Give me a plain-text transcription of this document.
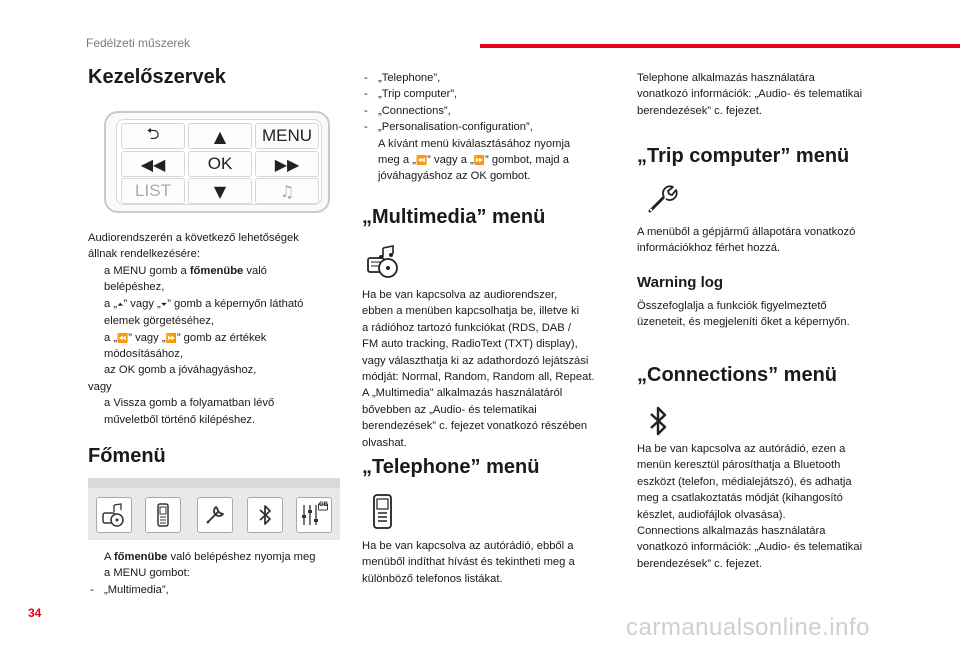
Fedélzeti műszerek
Kezelőszervek
⮌	▲ MENU
◀◀ OK	▶▶
LIST	▼	♫
Audiorendszerén a következő lehetőségek
állnak rendelkezésére:
a MENU gomb a főmenübe való
belépéshez,
a „⏶” vagy „⏷” gomb a képernyőn látható
elemek görgetéséhez,
a „⏪” vagy „⏩” gomb az értékek
módosításához,
az OK gomb a jóváhagyáshoz,
vagy
a Vissza gomb a folyamatban lévő
műveletből történő kilépéshez.
Főmenü
GB
A főmenübe való belépéshez nyomja meg
a MENU gombot:
- „Multimedia”,
- „Telephone”,
- „Trip computer”,
- „Connections”,
- „Personalisation-configuration”,
A kívánt menü kiválasztásához nyomja
meg a „⏪” vagy a „⏩” gombot, majd a
jóváhagyáshoz az OK gombot.
„Multimedia” menü
Ha be van kapcsolva az audiorendszer,
ebben a menüben kapcsolhatja be, illetve ki
a rádióhoz tartozó funkciókat (RDS, DAB /
FM auto tracking, RadioText (TXT) display),
vagy választhatja ki az adathordozó lejátszási
módját: Normal, Random, Random all, Repeat.
A „Multimedia” alkalmazás használatáról
bővebben az „Audio- és telematikai
berendezések” c. fejezet vonatkozó részében
olvashat.
„Telephone” menü
Ha be van kapcsolva az autórádió, ebből a
menüből indíthat hívást és tekintheti meg a
különböző telefonos listákat.
Telephone alkalmazás használatára
vonatkozó információk: „Audio- és telematikai
berendezések” c. fejezet.
„Trip computer” menü
A menüből a gépjármű állapotára vonatkozó
információkhoz férhet hozzá.
Warning log
Összefoglalja a funkciók figyelmeztető
üzeneteit, és megjeleníti őket a képernyőn.
„Connections” menü
Ha be van kapcsolva az autórádió, ezen a
menün keresztül párosíthatja a Bluetooth
eszközt (telefon, médialejátszó), és adhatja
meg a csatlakoztatás módját (kihangosító
készlet, audiofájlok olvasása).
Connections alkalmazás használatára
vonatkozó információk: „Audio- és telematikai
berendezések” c. fejezet.
34
carmanualsonline.info
